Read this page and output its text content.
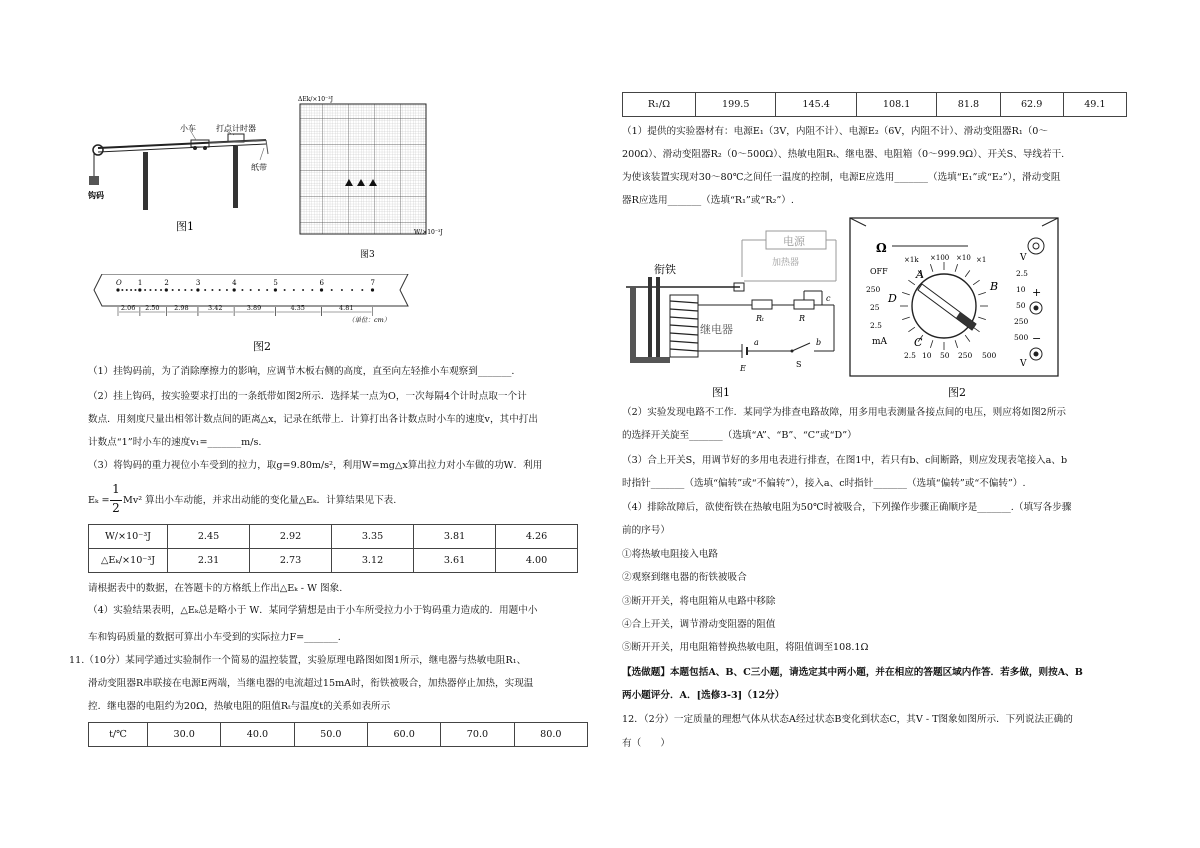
小车	打点计时器
纸带
钩码
图1
ΔEk/×10⁻³J
W/×10⁻³J
图3
O 1	2	3	4	5	6	7
2.06 2.50 2.98	3.42	3.89	4.35	4.81
（单位：cm）
图2
（1）挂钩码前，为了消除摩擦力的影响，应调节木板右侧的高度，直至向左轻推小车观察到_______.
（2）挂上钩码，按实验要求打出的一条纸带如图2所示．选择某一点为O，一次每隔4个计时点取一个计
数点．用刻度尺量出相邻计数点间的距离△x，记录在纸带上．计算打出各计数点时小车的速度v，其中打出
计数点“1”时小车的速度v₁=_______m/s.
（3）将钩码的重力视位小车受到的拉力，取g=9.80m/s²，利用W=mg△x算出拉力对小车做的功W．利用
Eₖ =
1
2
Mv² 算出小车动能，并求出动能的变化量△Eₖ．计算结果见下表.
W/×10⁻³J	2.45	2.92	3.35	3.81	4.26
△Eₖ/×10⁻³J	2.31	2.73	3.12	3.61	4.00
请根据表中的数据，在答题卡的方格纸上作出△Eₖ - W 图象.
（4）实验结果表明，△Eₖ总是略小于 W．某同学猜想是由于小车所受拉力小于钩码重力造成的．用题中小
车和钩码质量的数据可算出小车受到的实际拉力F=_______.
11.（10分）某同学通过实验制作一个简易的温控装置，实验原理电路图如图1所示，继电器与热敏电阻R₁、
滑动变阻器R串联接在电源E两端，当继电器的电流超过15mA时，衔铁被吸合，加热器停止加热，实现温
控．继电器的电阻约为20Ω，热敏电阻的阻值Rₜ与温度t的关系如表所示
t/℃	30.0	40.0	50.0	60.0	70.0	80.0
R₁/Ω	199.5	145.4	108.1	81.8	62.9	49.1
（1）提供的实验器材有：电源E₁（3V，内阻不计）、电源E₂（6V，内阻不计）、滑动变阻器R₁（0～
200Ω）、滑动变阻器R₂（0～500Ω）、热敏电阻Rₜ、继电器、电阻箱（0～999.9Ω）、开关S、导线若干.
为使该装置实现对30～80℃之间任一温度的控制，电源E应选用_______（选填“E₁”或“E₂”），滑动变阻
器R应选用_______（选填“R₁”或“R₂”）.
电源
加热器
衔铁
继电器
Rₜ	R
c
E
a
S
b
图1
Ω
×1k ×100 ×10 ×1
OFF
250
25
2.5
2.5
10
50
250
500
2.5 10 50 250 500
V
V
mA
A
B
C
D	+
−
图2
（2）实验发现电路不工作．某同学为排查电路故障，用多用电表测量各接点间的电压，则应将如图2所示
的选择开关旋至_______（选填“A”、“B”、“C”或“D”）
（3）合上开关S，用调节好的多用电表进行排查，在图1中，若只有b、c间断路，则应发现表笔接入a、b
时指针_______（选填“偏转”或“不偏转”），接入a、c时指针_______（选填“偏转”或“不偏转”）.
（4）排除故障后，欲使衔铁在热敏电阻为50℃时被吸合，下列操作步骤正确顺序是_______.（填写各步骤
前的序号）
①将热敏电阻接入电路
②观察到继电器的衔铁被吸合
③断开开关，将电阻箱从电路中移除
④合上开关，调节滑动变阻器的阻值
⑤断开开关，用电阻箱替换热敏电阻，将阻值调至108.1Ω
【选做题】本题包括A、B、C三小题，请选定其中两小题，并在相应的答题区域内作答．若多做，则按A、B
两小题评分．A．[选修3-3]（12分）
12．（2分）一定质量的理想气体从状态A经过状态B变化到状态C，其V - T图象如图所示．下列说法正确的
有（　　）
